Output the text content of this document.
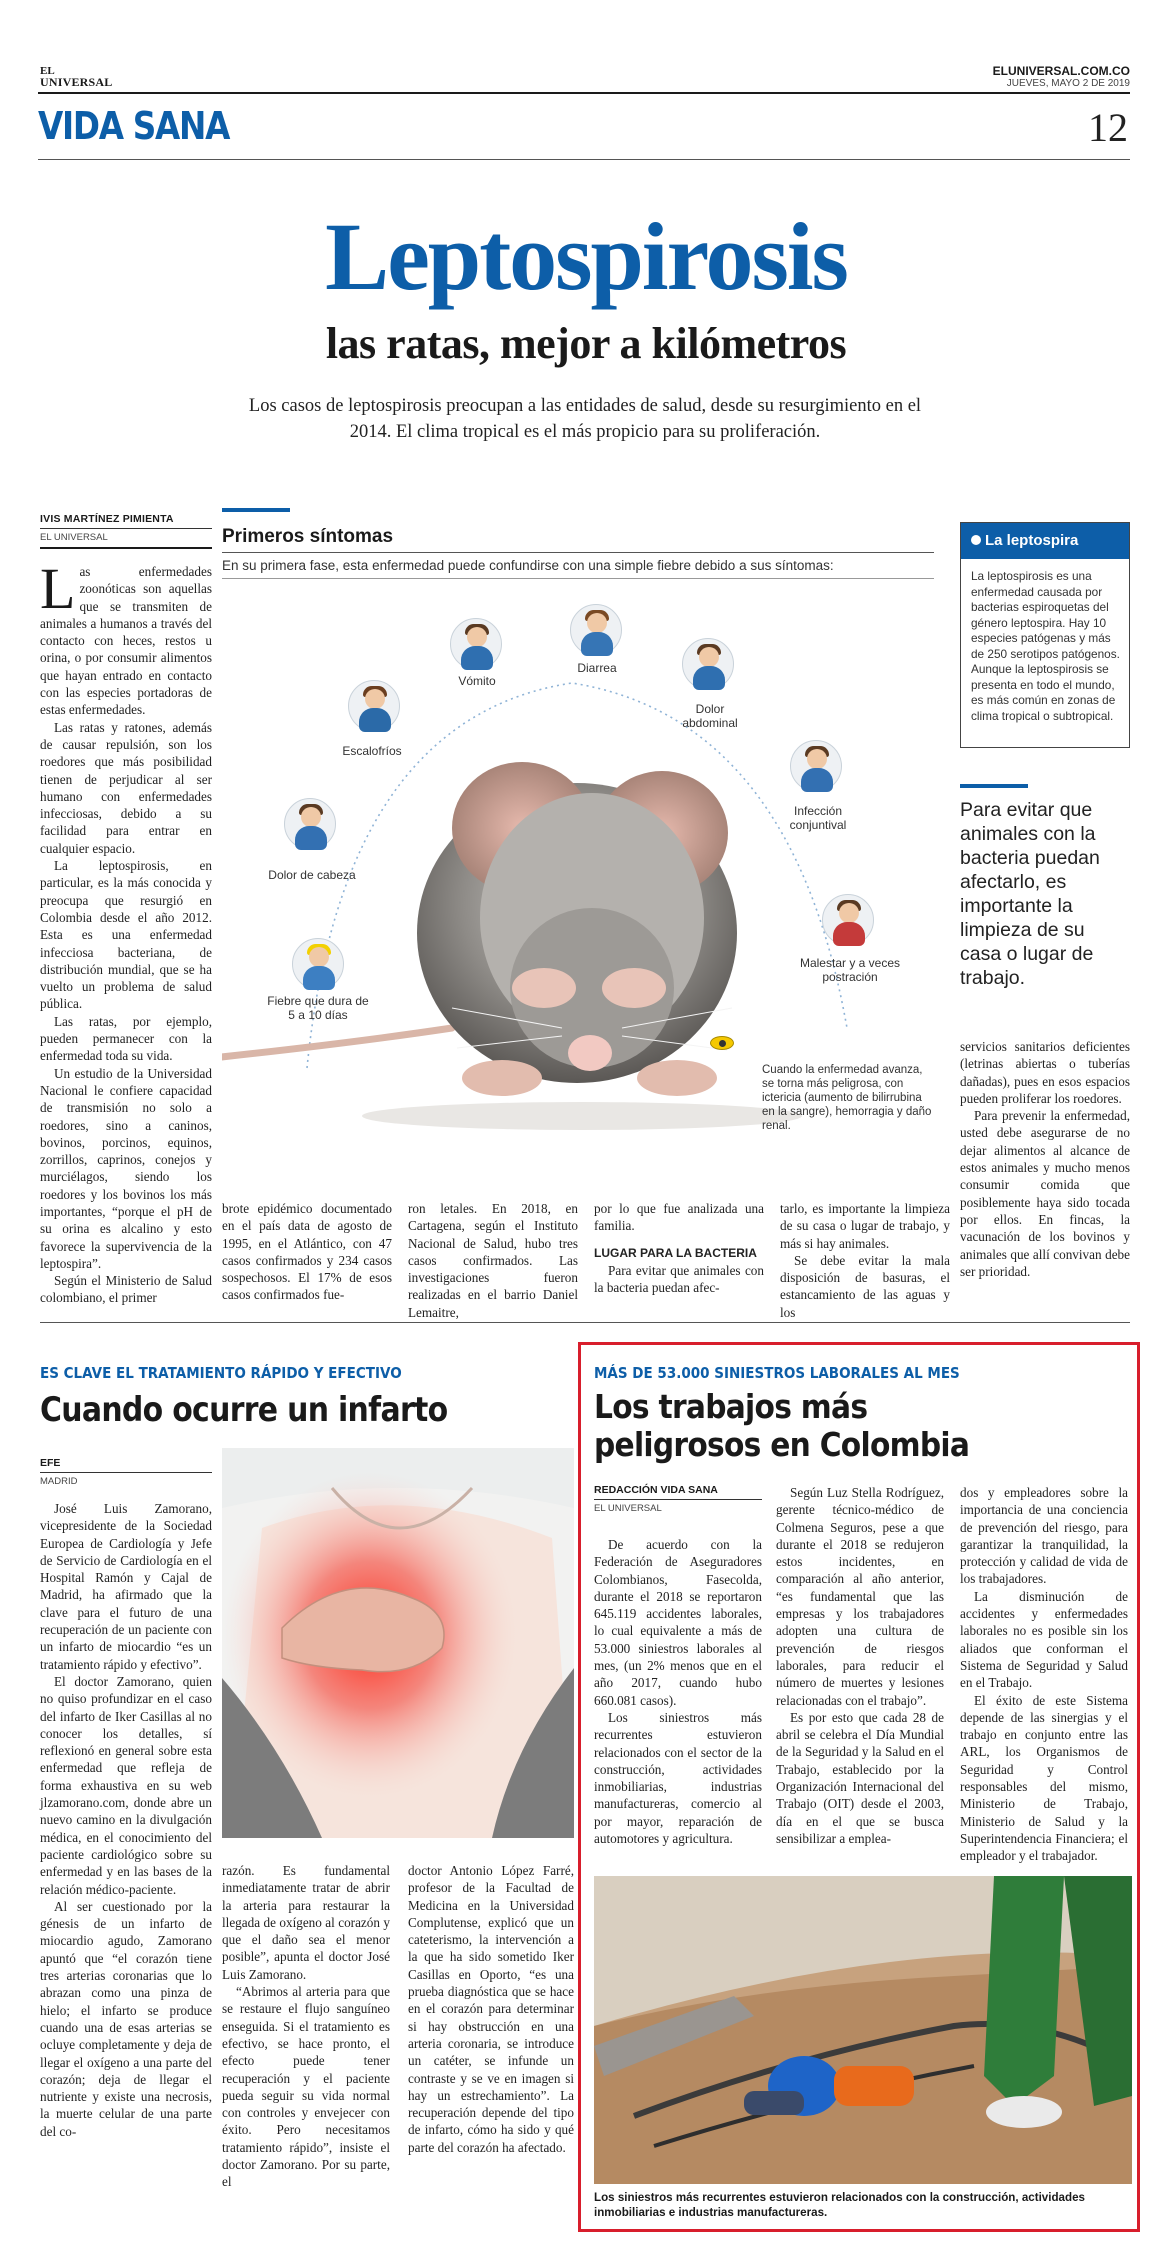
EL
UNIVERSAL
ELUNIVERSAL.COM.CO
JUEVES, MAYO 2 DE 2019
VIDA SANA	12
Leptospirosis
las ratas, mejor a kilómetros
Los casos de leptospirosis preocupan a las entidades de salud, desde su resurgimiento en el 2014. El clima tropical es el más propicio para su proliferación.
IVIS MARTÍNEZ PIMIENTA
EL UNIVERSAL

Las enfermedades zoonóticas son aquellas que se transmiten de animales a humanos a través del contacto con heces, restos u orina, o por consumir alimentos que hayan entrado en contacto con las especies portadoras de estas enfermedades.

Las ratas y ratones, además de causar repulsión, son los roedores que más posibilidad tienen de perjudicar al ser humano con enfermedades infecciosas, debido a su facilidad para entrar en cualquier espacio.

La leptospirosis, en particular, es la más conocida y preocupa que resurgió en Colombia desde el año 2012. Esta es una enfermedad infecciosa bacteriana, de distribución mundial, que se ha vuelto un problema de salud pública.

Las ratas, por ejemplo, pueden permanecer con la enfermedad toda su vida.

Un estudio de la Universidad Nacional le confiere capacidad de transmisión no solo a roedores, sino a caninos, bovinos, porcinos, equinos, zorrillos, caprinos, conejos y murciélagos, siendo los roedores y los bovinos los más importantes, “porque el pH de su orina es alcalino y esto favorece la supervivencia de la leptospira”.

Según el Ministerio de Salud colombiano, el primer

Primeros síntomas
En su primera fase, esta enfermedad puede confundirse con una simple fiebre debido a sus síntomas:
Fiebre que dura de 5 a 10 días
Dolor de cabeza
Escalofríos
Vómito
Diarrea
Dolor abdominal
Infección conjuntival
Malestar y a veces postración
Cuando la enfermedad avanza, se torna más peligrosa, con ictericia (aumento de bilirrubina en la sangre), hemorragia y daño renal.
La leptospira
La leptospirosis es una enfermedad causada por bacterias espiroquetas del género leptospira. Hay 10 especies patógenas y más de 250 serotipos patógenos. Aunque la leptospirosis se presenta en todo el mundo, es más común en zonas de clima tropical o subtropical.
Para evitar que animales con la bacteria puedan afectarlo, es importante la limpieza de su casa o lugar de trabajo.

brote epidémico documentado en el país data de agosto de 1995, en el Atlántico, con 47 casos confirmados y 234 casos sospechosos. El 17% de esos casos confirmados fue-

ron letales. En 2018, en Cartagena, según el Instituto Nacional de Salud, hubo tres casos confirmados. Las investigaciones fueron realizadas en el barrio Daniel Lemaitre,

por lo que fue analizada una familia.

LUGAR PARA LA BACTERIA

Para evitar que animales con la bacteria puedan afec-

tarlo, es importante la limpieza de su casa o lugar de trabajo, y más si hay animales.

Se debe evitar la mala disposición de basuras, el estancamiento de las aguas y los

servicios sanitarios deficientes (letrinas abiertas o tuberías dañadas), pues en esos espacios pueden proliferar los roedores.

Para prevenir la enfermedad, usted debe asegurarse de no dejar alimentos al alcance de estos animales y mucho menos consumir comida que posiblemente haya sido tocada por ellos. En fincas, la vacunación de los bovinos y animales que allí convivan debe ser prioridad.

ES CLAVE EL TRATAMIENTO RÁPIDO Y EFECTIVO
Cuando ocurre un infarto
EFE
MADRID

José Luis Zamorano, vicepresidente de la Sociedad Europea de Cardiología y Jefe de Servicio de Cardiología en el Hospital Ramón y Cajal de Madrid, ha afirmado que la clave para el futuro de una recuperación de un paciente con un infarto de miocardio “es un tratamiento rápido y efectivo”.

El doctor Zamorano, quien no quiso profundizar en el caso del infarto de Iker Casillas al no conocer los detalles, sí reflexionó en general sobre esta enfermedad que refleja de forma exhaustiva en su web jlzamorano.com, donde abre un nuevo camino en la divulgación médica, en el conocimiento del paciente cardiológico sobre su enfermedad y en las bases de la relación médico-paciente.

Al ser cuestionado por la génesis de un infarto de miocardio agudo, Zamorano apuntó que “el corazón tiene tres arterias coronarias que lo abrazan como una pinza de hielo; el infarto se produce cuando una de esas arterias se ocluye completamente y deja de llegar el oxígeno a una parte del corazón; deja de llegar el nutriente y existe una necrosis, la muerte celular de una parte del co-

razón. Es fundamental inmediatamente tratar de abrir la arteria para restaurar la llegada de oxígeno al corazón y que el daño sea el menor posible”, apunta el doctor José Luis Zamorano.

“Abrimos al arteria para que se restaure el flujo sanguíneo enseguida. Si el tratamiento es efectivo, se hace pronto, el efecto puede tener recuperación y el paciente pueda seguir su vida normal con controles y envejecer con éxito. Pero necesitamos tratamiento rápido”, insiste el doctor Zamorano. Por su parte, el

doctor Antonio López Farré, profesor de la Facultad de Medicina en la Universidad Complutense, explicó que un cateterismo, la intervención a la que ha sido sometido Iker Casillas en Oporto, “es una prueba diagnóstica que se hace en el corazón para determinar si hay obstrucción en una arteria coronaria, se introduce un catéter, se infunde un contraste y se ve en imagen si hay un estrechamiento”. La recuperación depende del tipo de infarto, cómo ha sido y qué parte del corazón ha afectado.

MÁS DE 53.000 SINIESTROS LABORALES AL MES
Los trabajos más
peligrosos en Colombia
REDACCIÓN VIDA SANA
EL UNIVERSAL

De acuerdo con la Federación de Aseguradores Colombianos, Fasecolda, durante el 2018 se reportaron 645.119 accidentes laborales, lo cual equivalente a más de 53.000 siniestros laborales al mes, (un 2% menos que en el año 2017, cuando hubo 660.081 casos).

Los siniestros más recurrentes estuvieron relacionados con el sector de la construcción, actividades inmobiliarias, industrias manufactureras, comercio al por mayor, reparación de automotores y agricultura.

Según Luz Stella Rodríguez, gerente técnico-médico de Colmena Seguros, pese a que durante el 2018 se redujeron estos incidentes, en comparación al año anterior, “es fundamental que las empresas y los trabajadores adopten una cultura de prevención de riesgos laborales, para reducir el número de muertes y lesiones relacionadas con el trabajo”.

Es por esto que cada 28 de abril se celebra el Día Mundial de la Seguridad y la Salud en el Trabajo, establecido por la Organización Internacional del Trabajo (OIT) desde el 2003, día en el que se busca sensibilizar a emplea-

dos y empleadores sobre la importancia de una conciencia de prevención del riesgo, para garantizar la tranquilidad, la protección y calidad de vida de los trabajadores.

La disminución de accidentes y enfermedades laborales no es posible sin los aliados que conforman el Sistema de Seguridad y Salud en el Trabajo.

El éxito de este Sistema depende de las sinergias y el trabajo en conjunto entre las ARL, los Organismos de Seguridad y Control responsables del mismo, Ministerio de Trabajo, Ministerio de Salud y la Superintendencia Financiera; el empleador y el trabajador.

Los siniestros más recurrentes estuvieron relacionados con la construcción, actividades inmobiliarias e industrias manufactureras.
